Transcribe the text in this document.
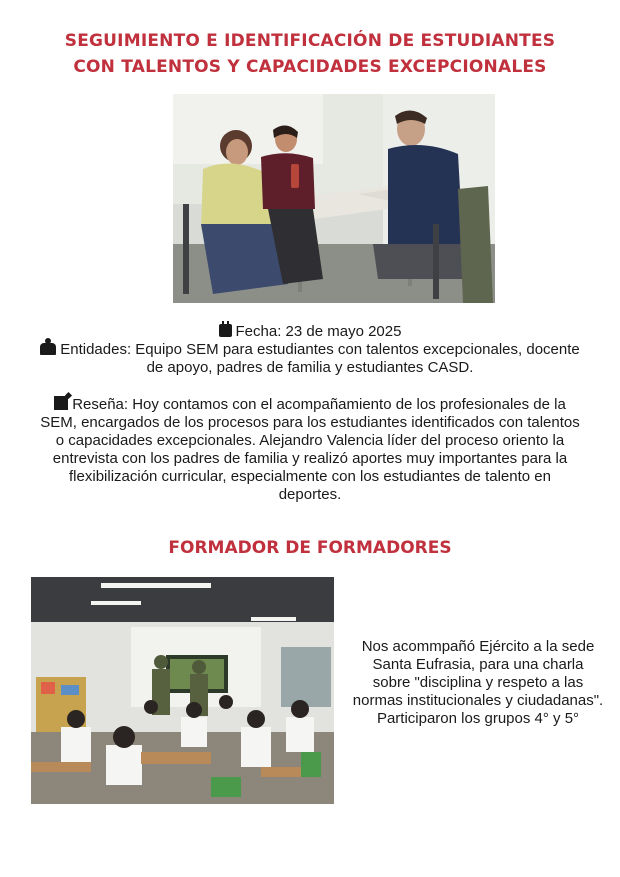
SEGUIMIENTO E IDENTIFICACIÓN DE ESTUDIANTES
CON TALENTOS Y CAPACIDADES EXCEPCIONALES

Fecha: 23 de mayo 2025

Entidades: Equipo SEM para estudiantes con talentos excepcionales, docente de apoyo, padres de familia y estudiantes CASD.

Reseña: Hoy contamos con el acompañamiento de los profesionales de la SEM, encargados de los procesos para los estudiantes identificados con talentos o capacidades excepcionales. Alejandro Valencia líder del proceso oriento la entrevista con los padres de familia y realizó aportes muy importantes para la flexibilización curricular, especialmente con los estudiantes de talento en deportes.

FORMADOR DE FORMADORES

Nos acommpañó Ejército a la sede Santa Eufrasia, para una charla sobre "disciplina y respeto a las normas institucionales y ciudadanas". Participaron los grupos 4° y 5°
